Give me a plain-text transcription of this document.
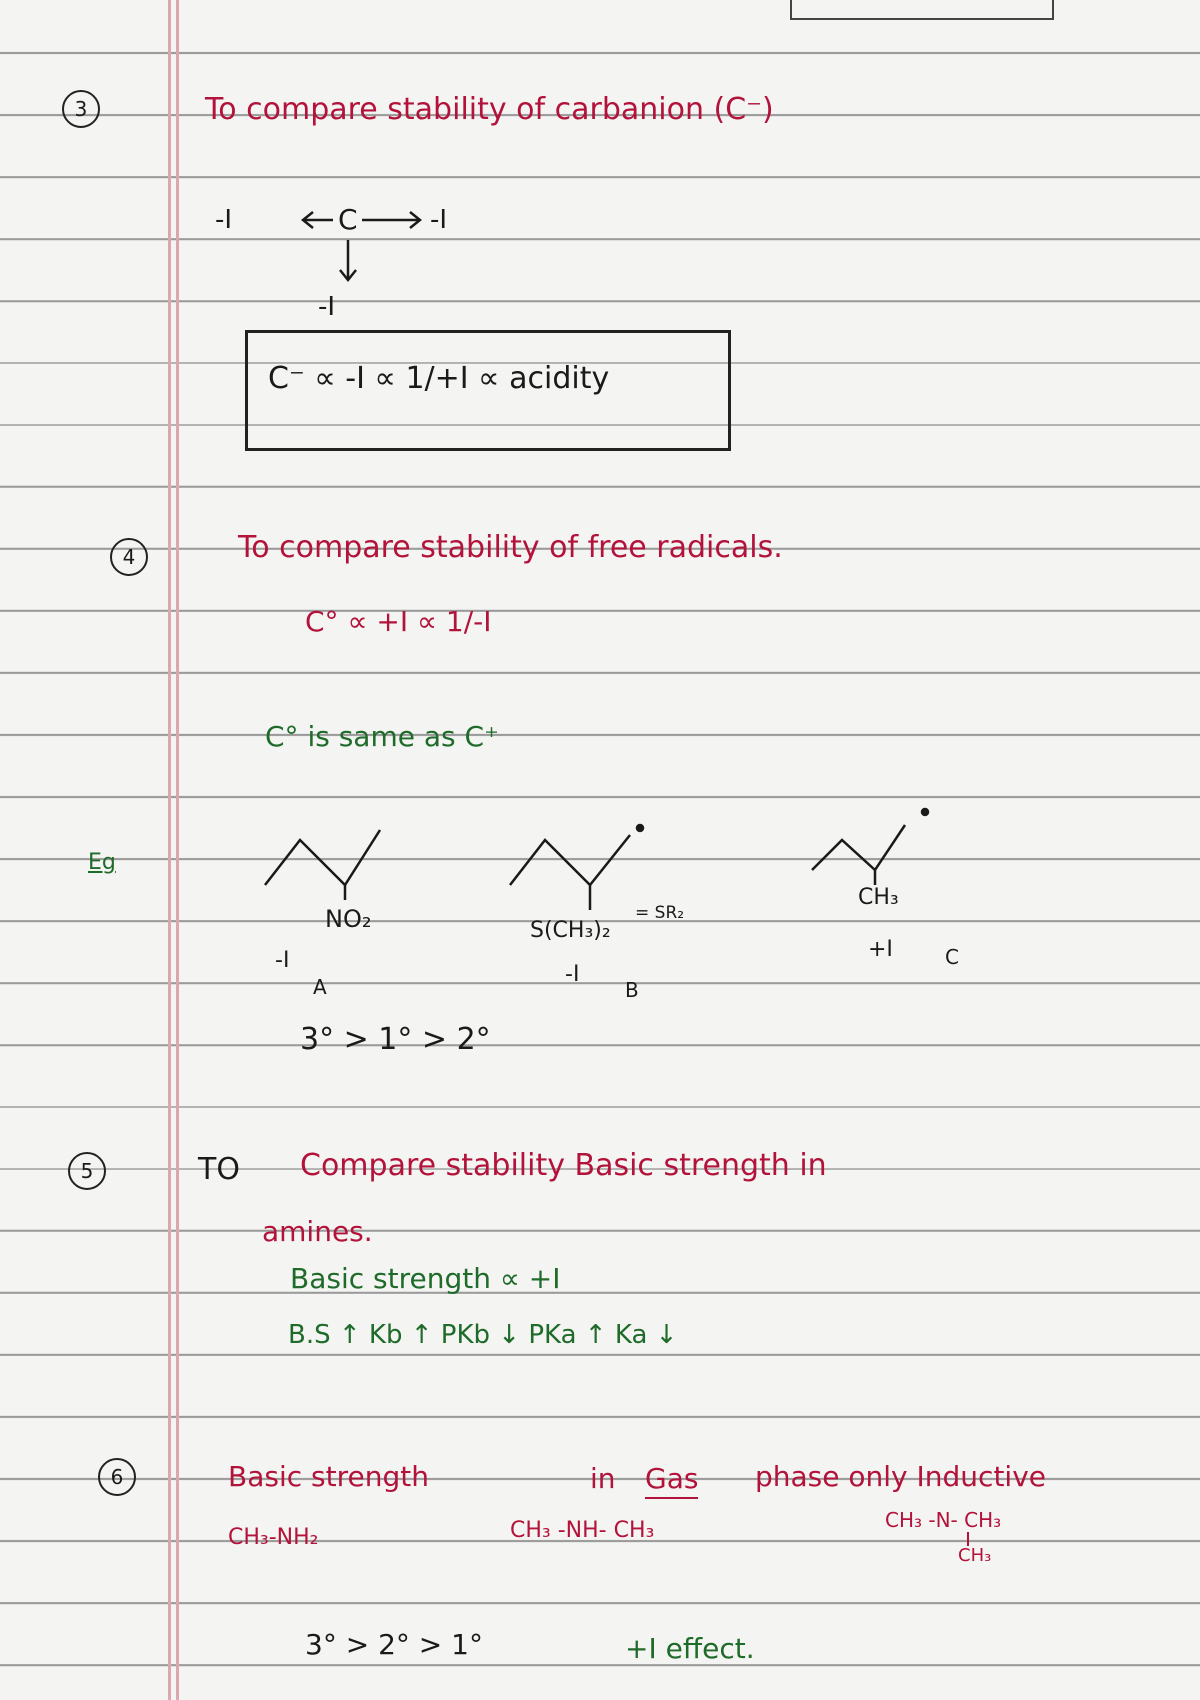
3	To compare stability of carbanion (C⁻)
-I	C	-I
-I
C⁻ ∝ -I ∝ 1/+I ∝ acidity
4	To compare stability of free radicals.
C° ∝ +I ∝ 1/-I
C° is same as C⁺
Eg
NO₂
-I
A
S(CH₃)₂
= SR₂
-I
B
CH₃
+I	C
3° > 1° > 2°
5	TO Compare stability Basic strength in
amines.
Basic strength ∝ +I
B.S ↑ Kb ↑ PKb ↓ PKa ↑ Ka ↓
6	Basic strength	in Gas phase only Inductive
CH₃-NH₂	CH₃ -NH- CH₃	CH₃ -N- CH₃
CH₃
3° > 2° > 1°	+I effect.
